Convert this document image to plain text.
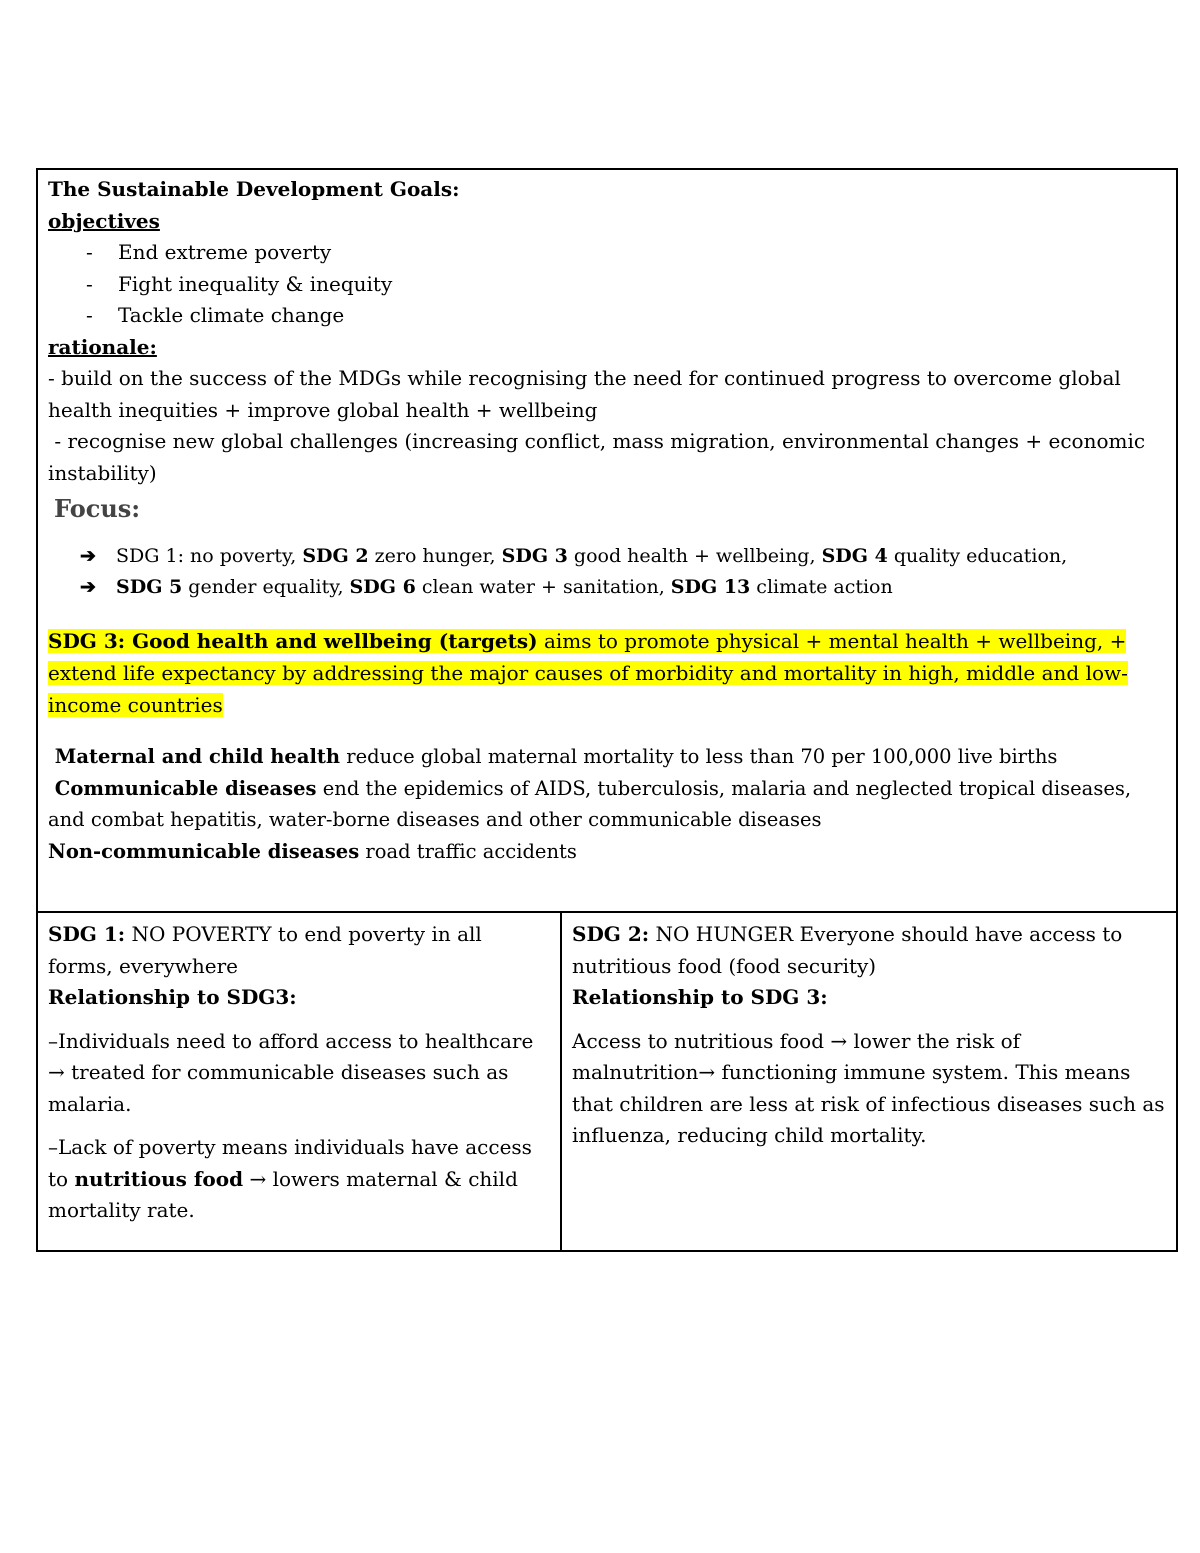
The Sustainable Development Goals:
objectives
-	End extreme poverty
-	Fight inequality & inequity
-	Tackle climate change
rationale:
- build on the success of the MDGs while recognising the need for continued progress to overcome global health inequities + improve global health + wellbeing
- recognise new global challenges (increasing conflict, mass migration, environmental changes + economic instability)
Focus:
➔	SDG 1: no poverty, SDG 2 zero hunger, SDG 3 good health + wellbeing, SDG 4 quality education,
➔	SDG 5 gender equality, SDG 6 clean water + sanitation, SDG 13 climate action
SDG 3: Good health and wellbeing (targets) aims to promote physical + mental health + wellbeing, + extend life expectancy by addressing the major causes of morbidity and mortality in high, middle and low-income countries
Maternal and child health reduce global maternal mortality to less than 70 per 100,000 live births
Communicable diseases end the epidemics of AIDS, tuberculosis, malaria and neglected tropical diseases, and combat hepatitis, water-borne diseases and other communicable diseases
Non-communicable diseases road traffic accidents
SDG 1: NO POVERTY to end poverty in all forms, everywhere
Relationship to SDG3:
–Individuals need to afford access to healthcare → treated for communicable diseases such as malaria.
–Lack of poverty means individuals have access to nutritious food → lowers maternal & child mortality rate.
SDG 2: NO HUNGER Everyone should have access to nutritious food (food security)
Relationship to SDG 3:
Access to nutritious food → lower the risk of malnutrition→ functioning immune system. This means that children are less at risk of infectious diseases such as influenza, reducing child mortality.
